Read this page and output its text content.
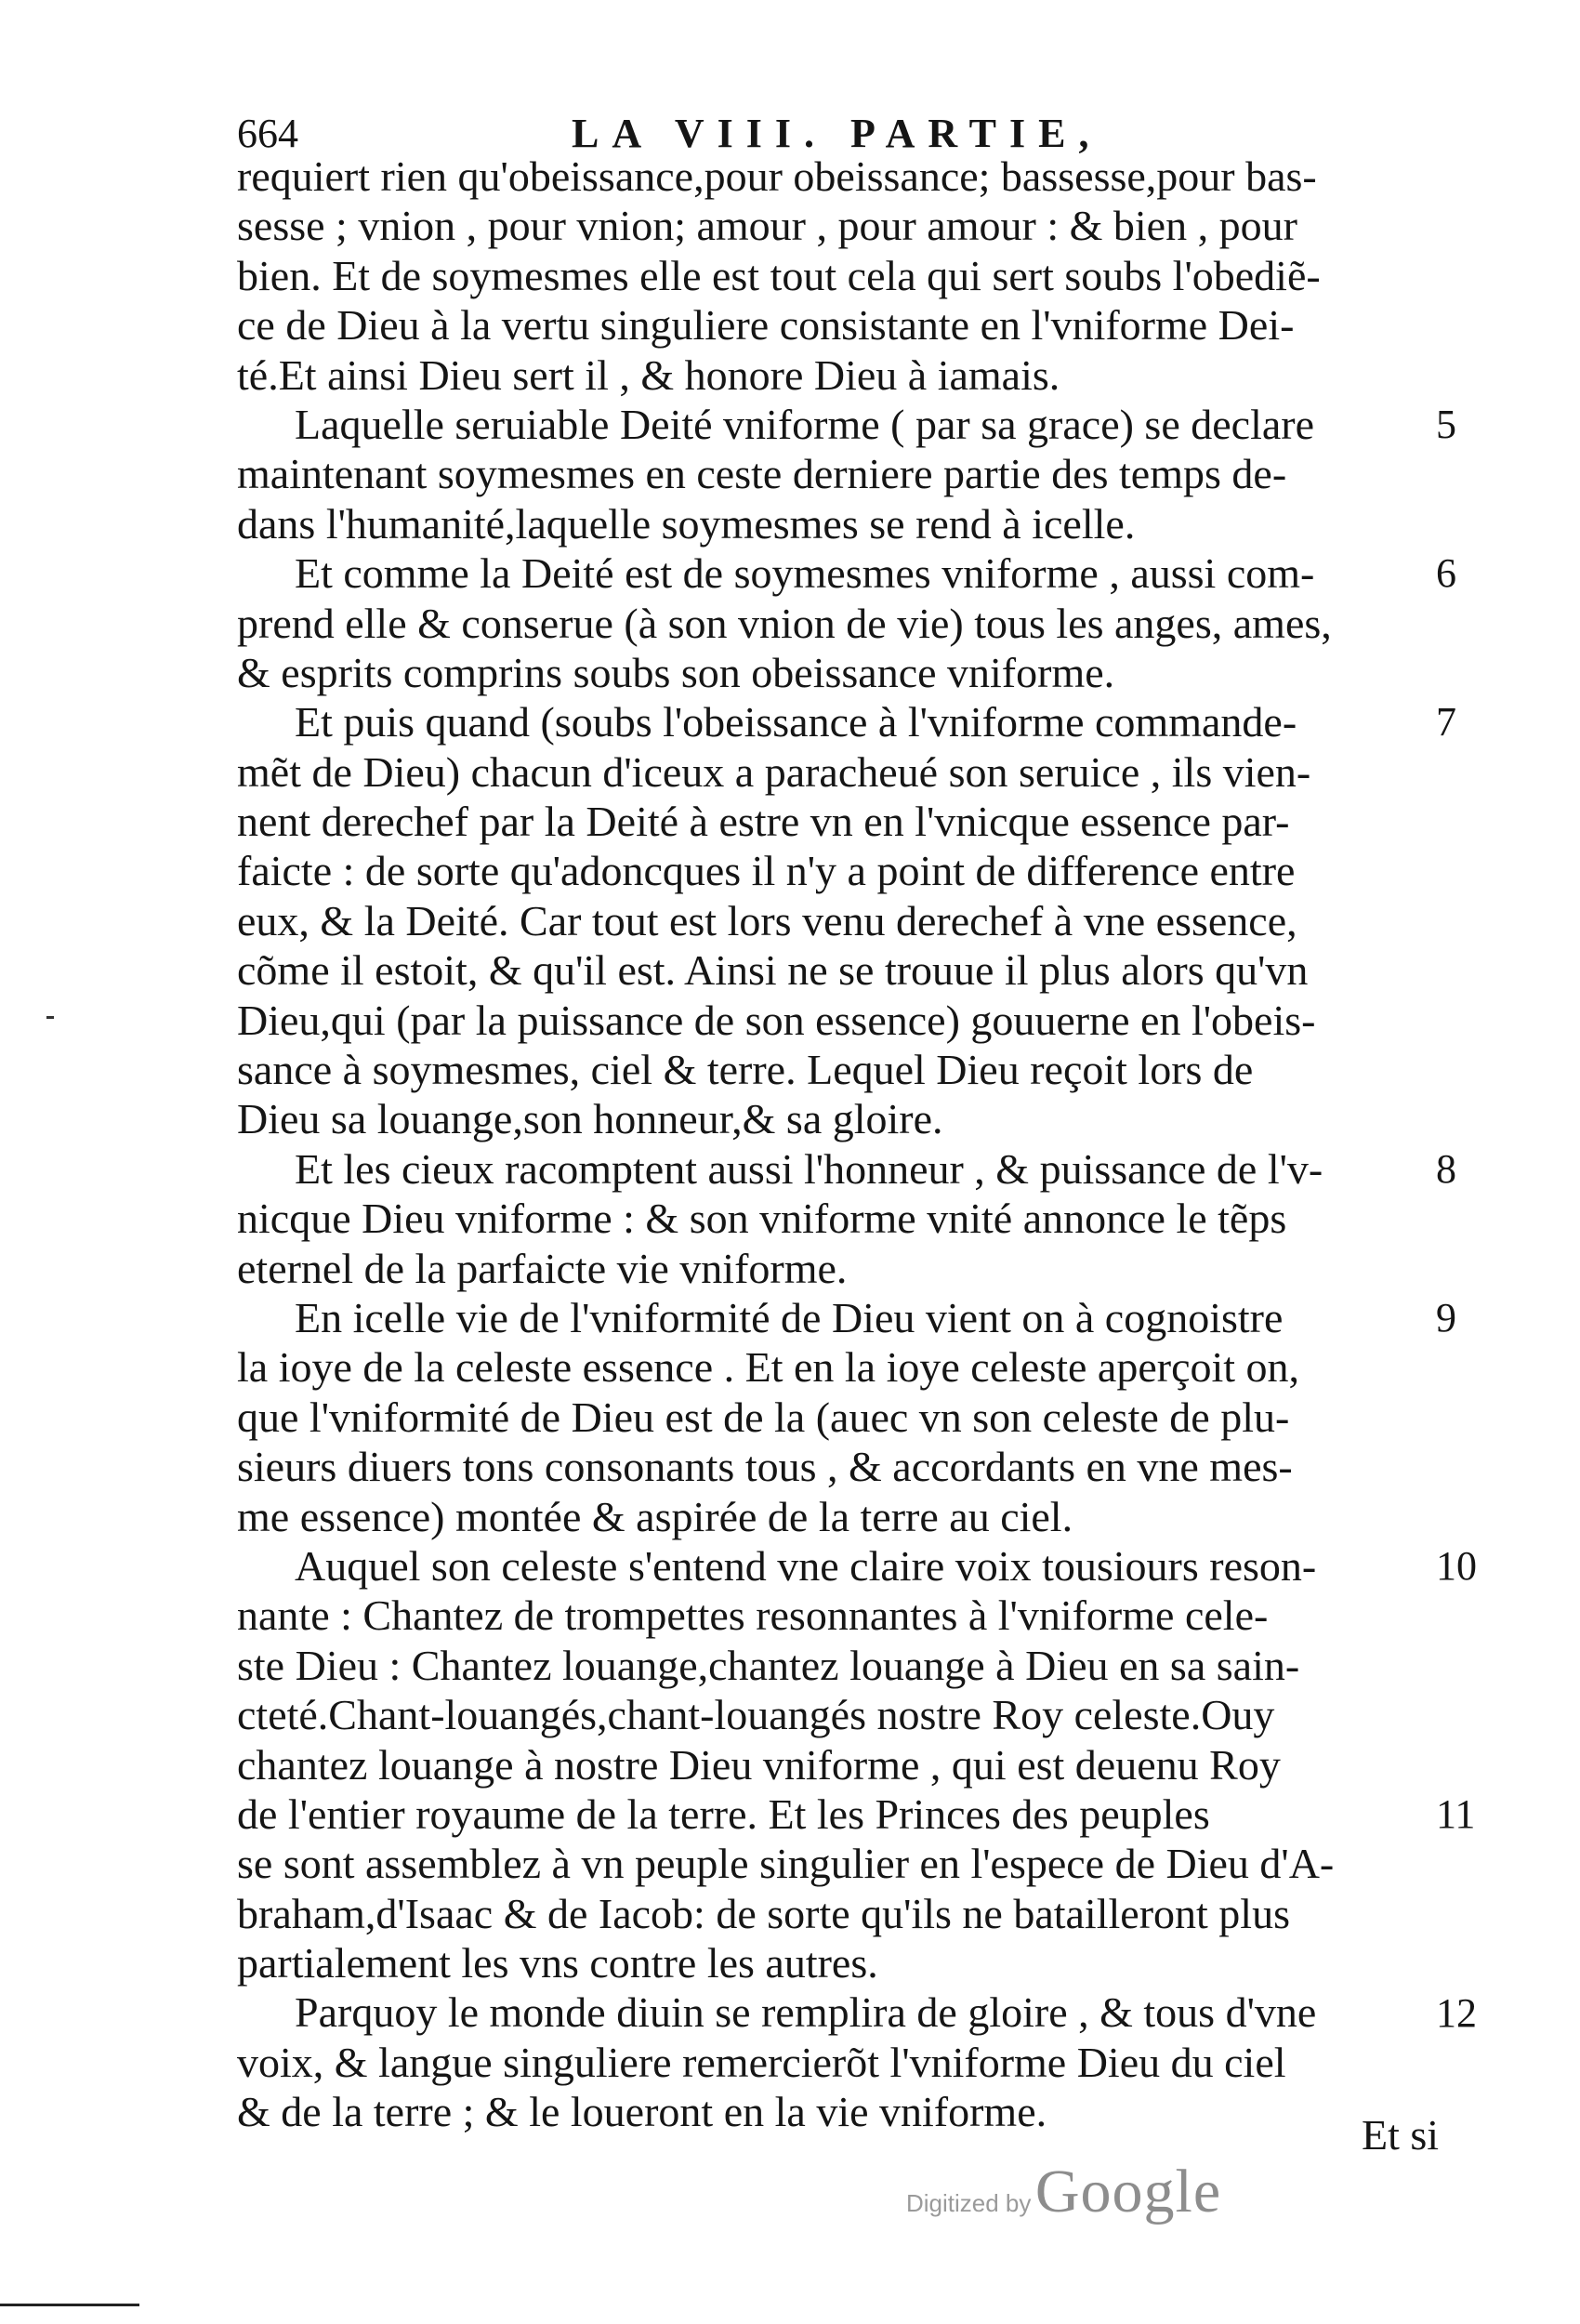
664	LA VIII. PARTIE,
requiert rien qu'obeissance,pour obeissance; bassesse,pour bas-
sesse ; vnion , pour vnion; amour , pour amour : & bien , pour
bien. Et de soymesmes elle est tout cela qui sert soubs l'obediẽ-
ce de Dieu à la vertu singuliere consistante en l'vniforme Dei-
té.Et ainsi Dieu sert il , & honore Dieu à iamais.
Laquelle seruiable Deité vniforme ( par sa grace) se declare
maintenant soymesmes en ceste derniere partie des temps de-
dans l'humanité,laquelle soymesmes se rend à icelle.
Et comme la Deité est de soymesmes vniforme , aussi com-
prend elle & conserue (à son vnion de vie) tous les anges, ames,
& esprits comprins soubs son obeissance vniforme.
Et puis quand (soubs l'obeissance à l'vniforme commande-
mẽt de Dieu) chacun d'iceux a paracheué son seruice , ils vien-
nent derechef par la Deité à estre vn en l'vnicque essence par-
faicte : de sorte qu'adoncques il n'y a point de difference entre
eux, & la Deité. Car tout est lors venu derechef à vne essence,
cõme il estoit, & qu'il est. Ainsi ne se trouue il plus alors qu'vn
Dieu,qui (par la puissance de son essence) gouuerne en l'obeis-
sance à soymesmes, ciel & terre. Lequel Dieu reçoit lors de
Dieu sa louange,son honneur,& sa gloire.
Et les cieux racomptent aussi l'honneur , & puissance de l'v-
nicque Dieu vniforme : & son vniforme vnité annonce le tẽps
eternel de la parfaicte vie vniforme.
En icelle vie de l'vniformité de Dieu vient on à cognoistre
la ioye de la celeste essence . Et en la ioye celeste aperçoit on,
que l'vniformité de Dieu est de la (auec vn son celeste de plu-
sieurs diuers tons consonants tous , & accordants en vne mes-
me essence) montée & aspirée de la terre au ciel.
Auquel son celeste s'entend vne claire voix tousiours reson-
nante : Chantez de trompettes resonnantes à l'vniforme cele-
ste Dieu : Chantez louange,chantez louange à Dieu en sa sain-
cteté.Chant-louangés,chant-louangés nostre Roy celeste.Ouy
chantez louange à nostre Dieu vniforme , qui est deuenu Roy
de l'entier royaume de la terre. Et les Princes des peuples
se sont assemblez à vn peuple singulier en l'espece de Dieu d'A-
braham,d'Isaac & de Iacob: de sorte qu'ils ne batailleront plus
partialement les vns contre les autres.
Parquoy le monde diuin se remplira de gloire , & tous d'vne
voix, & langue singuliere remercierõt l'vniforme Dieu du ciel
& de la terre ; & le loueront en la vie vniforme.
5
6
7
8
9
10
11
12
Et si
Digitized by Google
